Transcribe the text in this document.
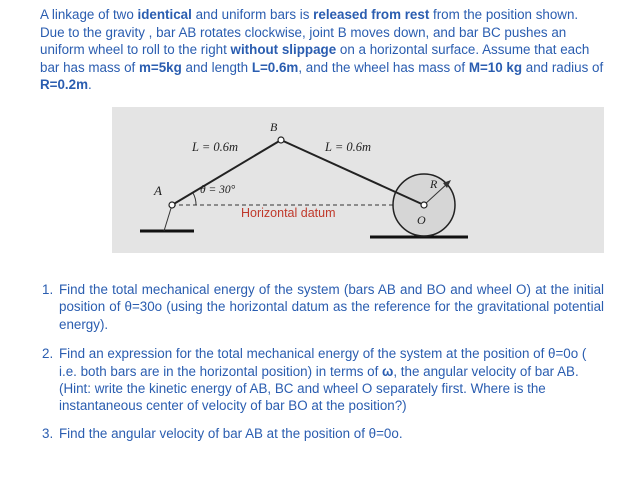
A linkage of two identical and uniform bars is released from rest from the position shown. Due to the gravity , bar AB rotates clockwise, joint B moves down, and bar BC pushes an uniform wheel to roll to the right without slippage on a horizontal surface. Assume that each bar has mass of m=5kg and length L=0.6m, and the wheel has mass of M=10 kg and radius of R=0.2m.

A
B
R
O
L = 0.6m	L = 0.6m
θ = 30°
Horizontal datum
1. Find the total mechanical energy of the system (bars AB and BO and wheel O) at the initial position of θ=30o (using the horizontal datum as the reference for the gravitational potential energy).
2. Find an expression for the total mechanical energy of the system at the position of θ=0o ( i.e. both bars are in the horizontal position) in terms of ω, the angular velocity of bar AB. (Hint: write the kinetic energy of AB, BC and wheel O separately first. Where is the instantaneous center of velocity of bar BO at the position?)
3. Find the angular velocity of bar AB at the position of θ=0o.
